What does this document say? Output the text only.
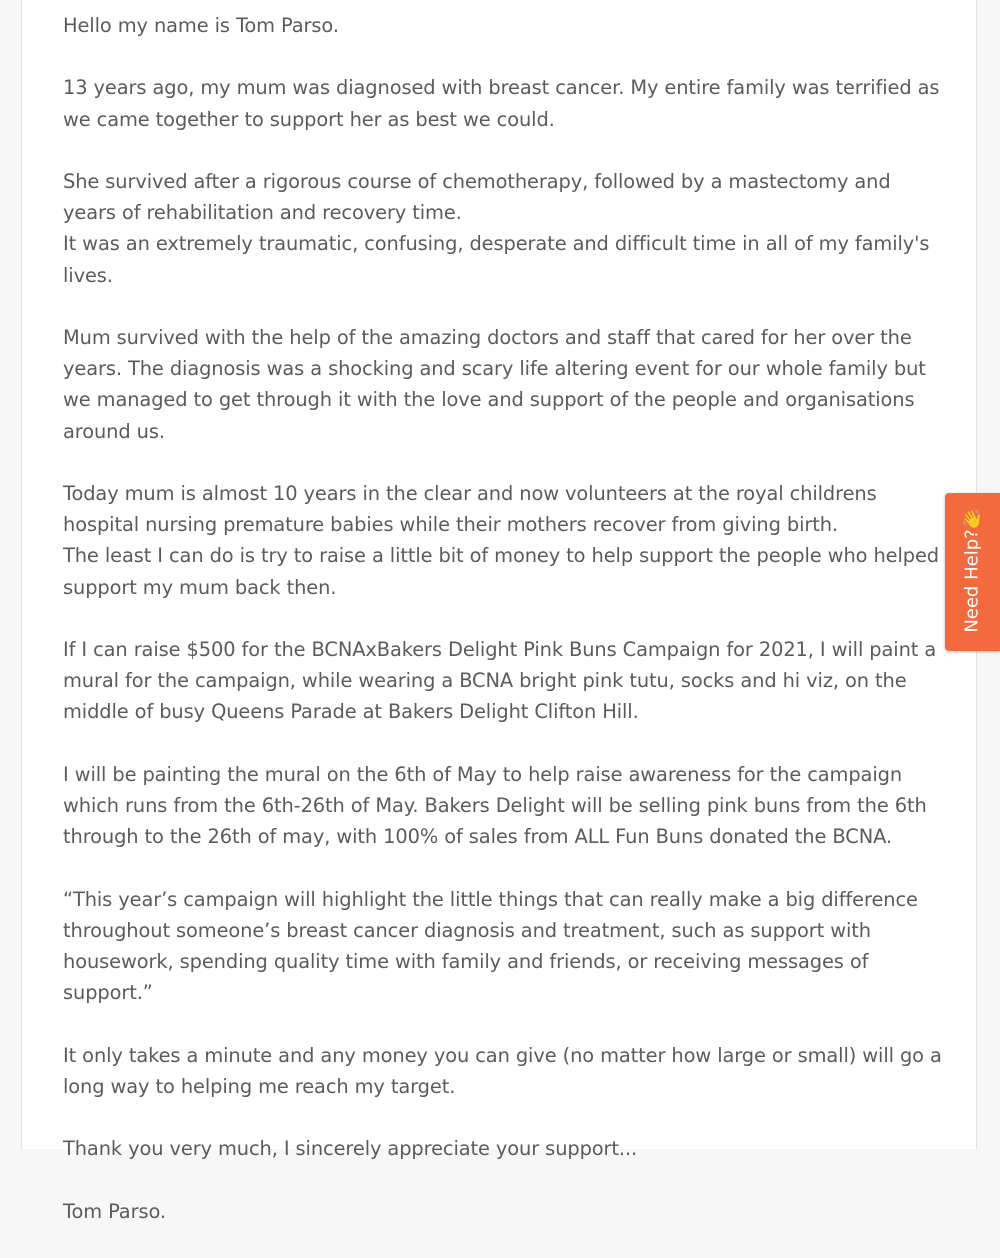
Hello my name is Tom Parso.

13 years ago, my mum was diagnosed with breast cancer. My entire family was terrified as we came together to support her as best we could.

She survived after a rigorous course of chemotherapy, followed by a mastectomy and years of rehabilitation and recovery time.
It was an extremely traumatic, confusing, desperate and difficult time in all of my family's lives.

Mum survived with the help of the amazing doctors and staff that cared for her over the years. The diagnosis was a shocking and scary life altering event for our whole family but we managed to get through it with the love and support of the people and organisations around us.

Today mum is almost 10 years in the clear and now volunteers at the royal childrens hospital nursing premature babies while their mothers recover from giving birth.
The least I can do is try to raise a little bit of money to help support the people who helped support my mum back then.

If I can raise $500 for the BCNAxBakers Delight Pink Buns Campaign for 2021, I will paint a mural for the campaign, while wearing a BCNA bright pink tutu, socks and hi viz, on the middle of busy Queens Parade at Bakers Delight Clifton Hill.

I will be painting the mural on the 6th of May to help raise awareness for the campaign which runs from the 6th-26th of May. Bakers Delight will be selling pink buns from the 6th through to the 26th of may, with 100% of sales from ALL Fun Buns donated the BCNA.

“This year’s campaign will highlight the little things that can really make a big difference throughout someone’s breast cancer diagnosis and treatment, such as support with housework, spending quality time with family and friends, or receiving messages of support.”

It only takes a minute and any money you can give (no matter how large or small) will go a long way to helping me reach my target.

Thank you very much, I sincerely appreciate your support...

Tom Parso.

👋
Need Help?
